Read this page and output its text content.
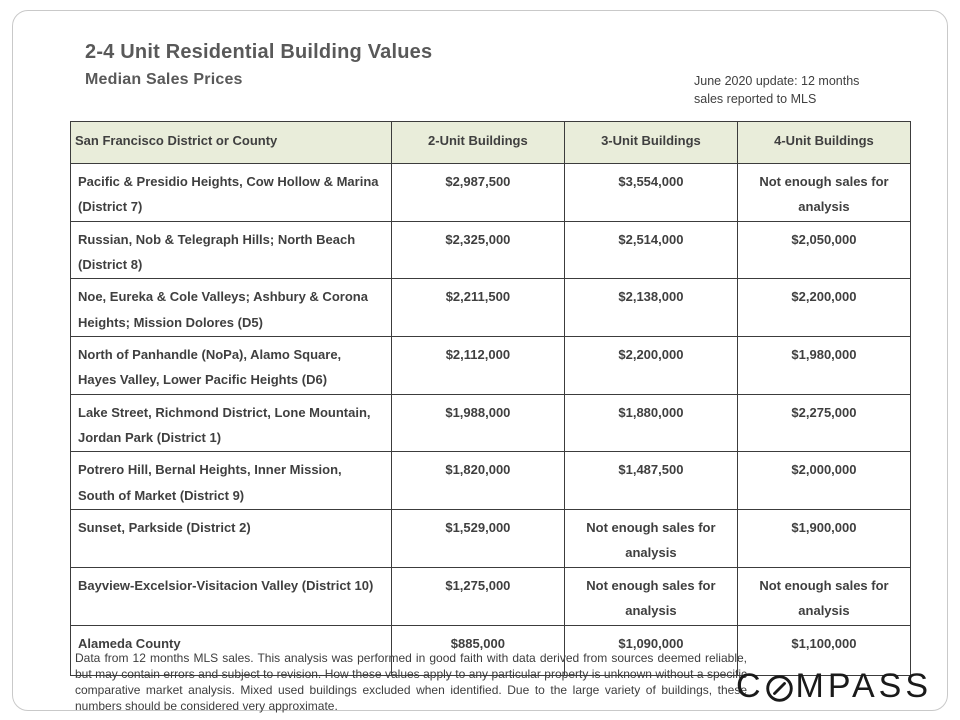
2-4 Unit Residential Building Values
Median Sales Prices	June 2020 update: 12 months
sales reported to MLS
San Francisco District or County	2-Unit Buildings	3-Unit Buildings	4-Unit Buildings
Pacific & Presidio Heights, Cow Hollow & Marina (District 7)	$2,987,500	$3,554,000	Not enough sales for analysis
Russian, Nob & Telegraph Hills; North Beach (District 8)	$2,325,000	$2,514,000	$2,050,000
Noe, Eureka & Cole Valleys; Ashbury & Corona Heights; Mission Dolores (D5)	$2,211,500	$2,138,000	$2,200,000
North of Panhandle (NoPa), Alamo Square, Hayes Valley, Lower Pacific Heights (D6)	$2,112,000	$2,200,000	$1,980,000
Lake Street, Richmond District, Lone Mountain, Jordan Park (District 1)	$1,988,000	$1,880,000	$2,275,000
Potrero Hill, Bernal Heights, Inner Mission, South of Market (District 9)	$1,820,000	$1,487,500	$2,000,000
Sunset, Parkside (District 2)	$1,529,000	Not enough sales for analysis	$1,900,000
Bayview-Excelsior-Visitacion Valley (District 10)	$1,275,000	Not enough sales for analysis	Not enough sales for analysis
Alameda County	$885,000	$1,090,000	$1,100,000
Data from 12 months MLS sales. This analysis was performed in good faith with data derived from sources deemed reliable, but may contain errors and subject to revision. How these values apply to any particular property is unknown without a specific comparative market analysis. Mixed used buildings excluded when identified. Due to the large variety of buildings, these numbers should be considered very approximate.
C MPASS
